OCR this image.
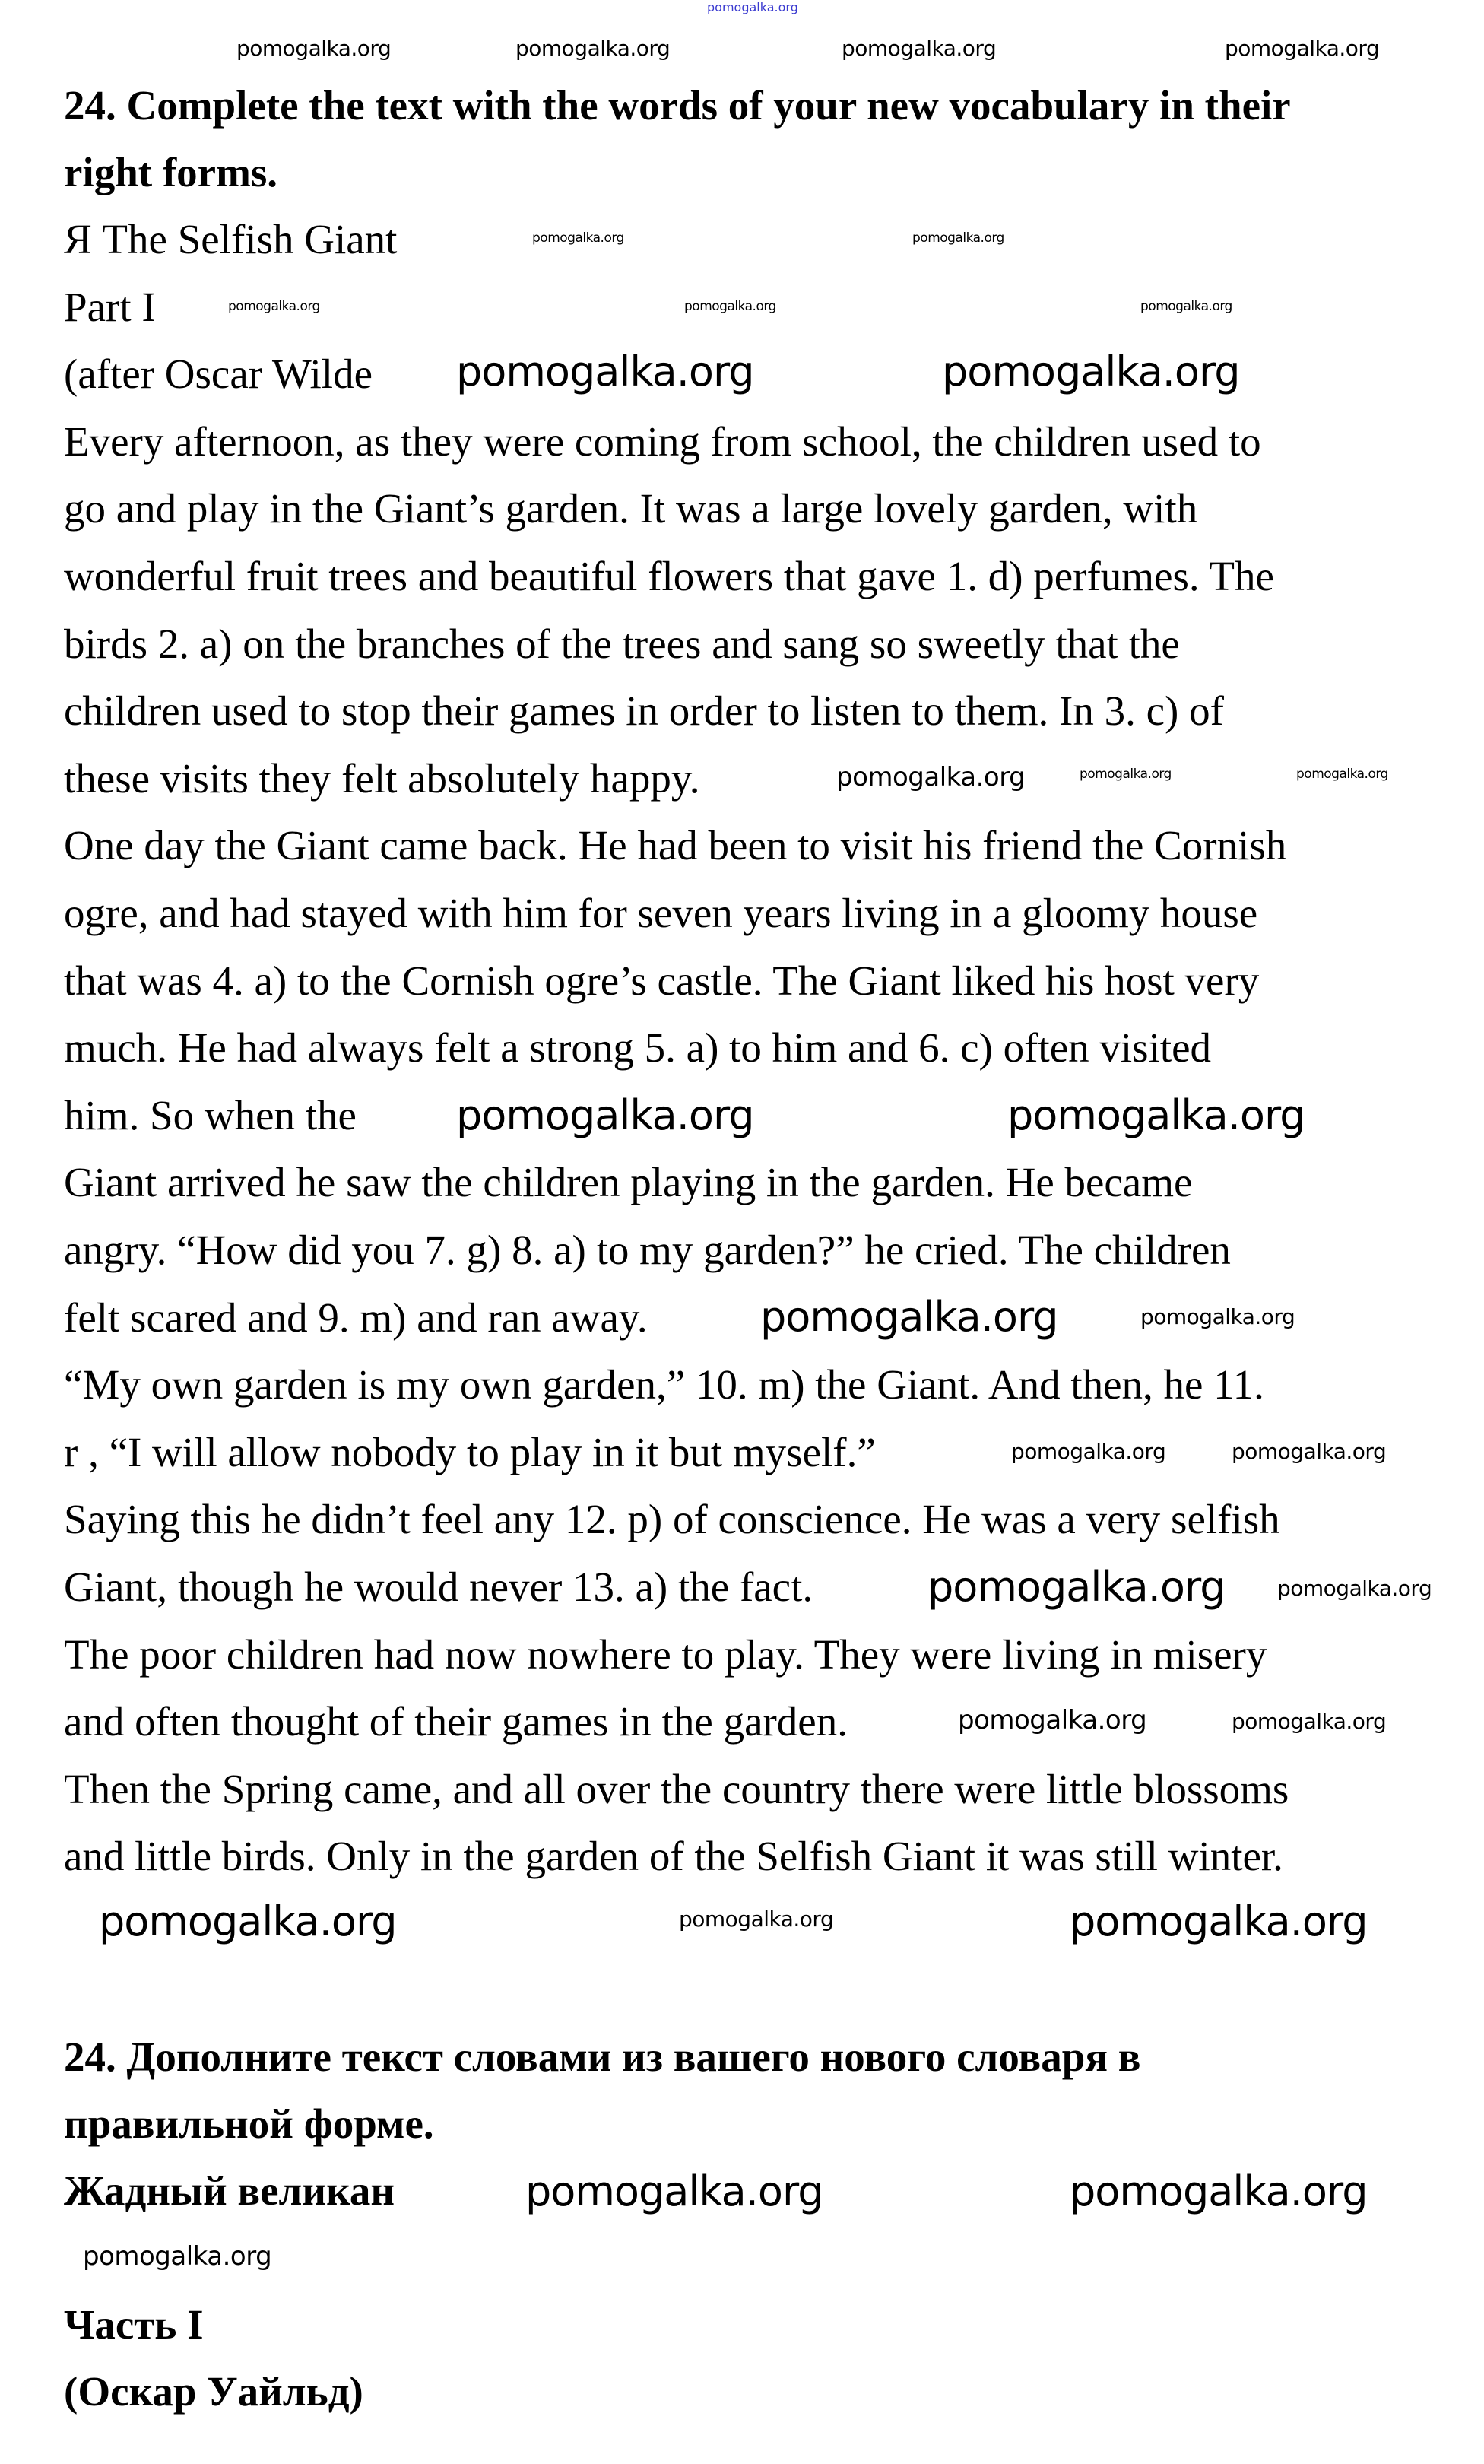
24. Complete the text with the words of your new vocabulary in their
right forms.
Я The Selfish Giant
Part I
(after Oscar Wilde
Every afternoon, as they were coming from school, the children used to
go and play in the Giant’s garden. It was a large lovely garden, with
wonderful fruit trees and beautiful flowers that gave 1. d) perfumes. The
birds 2. a) on the branches of the trees and sang so sweetly that the
children used to stop their games in order to listen to them. In 3. c) of
these visits they felt absolutely happy.
One day the Giant came back. He had been to visit his friend the Cornish
ogre, and had stayed with him for seven years living in a gloomy house
that was 4. a) to the Cornish ogre’s castle. The Giant liked his host very
much. He had always felt a strong 5. a) to him and 6. c) often visited
him. So when the
Giant arrived he saw the children playing in the garden. He became
angry. “How did you 7. g) 8. a) to my garden?” he cried. The children
felt scared and 9. m) and ran away.
“My own garden is my own garden,” 10. m) the Giant. And then, he 11.
r , “I will allow nobody to play in it but myself.”
Saying this he didn’t feel any 12. p) of conscience. He was a very selfish
Giant, though he would never 13. a) the fact.
The poor children had now nowhere to play. They were living in misery
and often thought of their games in the garden.
Then the Spring came, and all over the country there were little blossoms
and little birds. Only in the garden of the Selfish Giant it was still winter.
24. Дополните текст словами из вашего нового словаря в
правильной форме.
Жадный великан
Часть I
(Оскар Уайльд)
pomogalka.org
pomogalka.org	pomogalka.org	pomogalka.org	pomogalka.org
pomogalka.org
pomogalka.org
pomogalka.org	pomogalka.org
pomogalka.org	pomogalka.org
pomogalka.org
pomogalka.org
pomogalka.org
pomogalka.org
pomogalka.org
pomogalka.org
pomogalka.org
pomogalka.org
pomogalka.org
pomogalka.org
pomogalka.org
pomogalka.org
pomogalka.org
pomogalka.org
pomogalka.org
pomogalka.org	pomogalka.org
pomogalka.org	pomogalka.org
pomogalka.org
